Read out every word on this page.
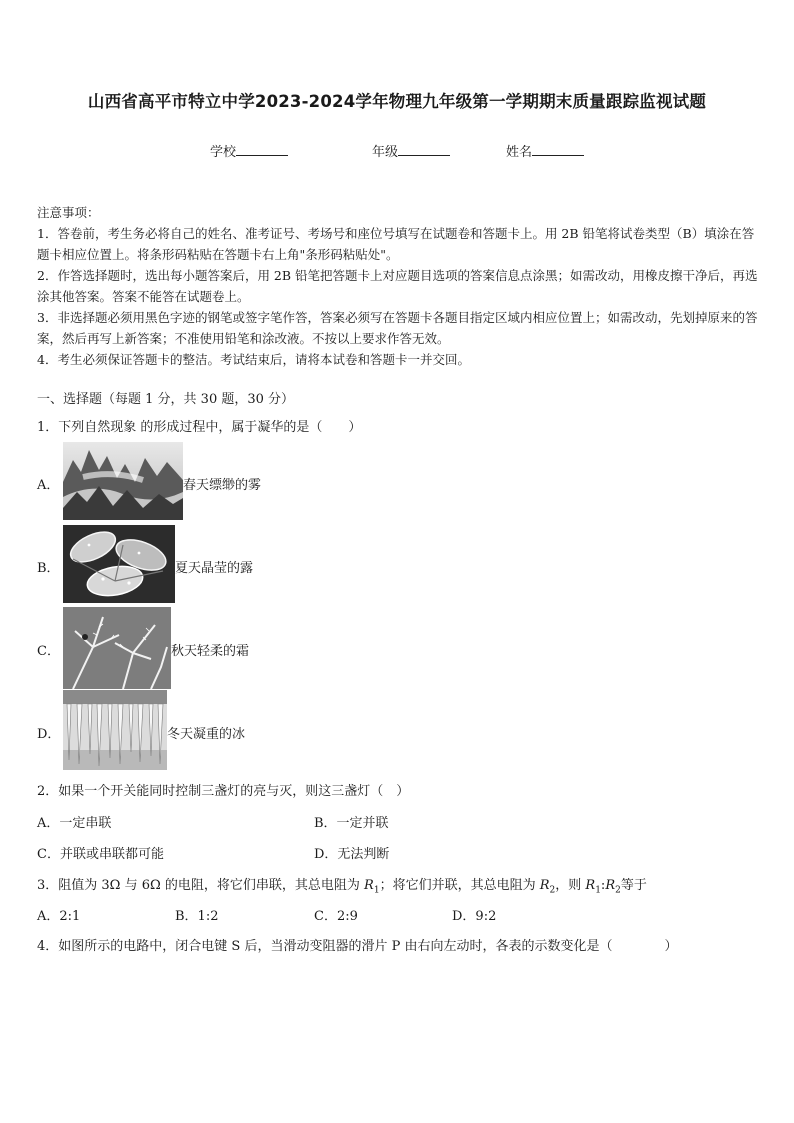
山西省高平市特立中学2023-2024学年物理九年级第一学期期末质量跟踪监视试题
学校	年级	姓名

注意事项：

1．答卷前，考生务必将自己的姓名、准考证号、考场号和座位号填写在试题卷和答题卡上。用 2B 铅笔将试卷类型（B）填涂在答题卡相应位置上。将条形码粘贴在答题卡右上角"条形码粘贴处"。

2．作答选择题时，选出每小题答案后，用 2B 铅笔把答题卡上对应题目选项的答案信息点涂黑；如需改动，用橡皮擦干净后，再选涂其他答案。答案不能答在试题卷上。

3．非选择题必须用黑色字迹的钢笔或签字笔作答，答案必须写在答题卡各题目指定区域内相应位置上；如需改动，先划掉原来的答案，然后再写上新答案；不准使用铅笔和涂改液。不按以上要求作答无效。

4．考生必须保证答题卡的整洁。考试结束后，请将本试卷和答题卡一并交回。

一、选择题（每题 1 分，共 30 题，30 分）
1．下列自然现象 的形成过程中，属于凝华的是（　　）
A．	春天缥缈的雾
B．	夏天晶莹的露
C．	秋天轻柔的霜
D．	冬天凝重的冰
2．如果一个开关能同时控制三盏灯的亮与灭，则这三盏灯（　）
A．一定串联	B．一定并联
C．并联或串联都可能	D．无法判断
3．阻值为 3Ω 与 6Ω 的电阻，将它们串联，其总电阻为 $R_1$；将它们并联，其总电阻为 $R_2$，则 $R_1:R_2$等于
A．2:1	B．1:2	C．2:9	D．9:2
4．如图所示的电路中，闭合电键 S 后，当滑动变阻器的滑片 P 由右向左动时，各表的示数变化是（　　　　）
